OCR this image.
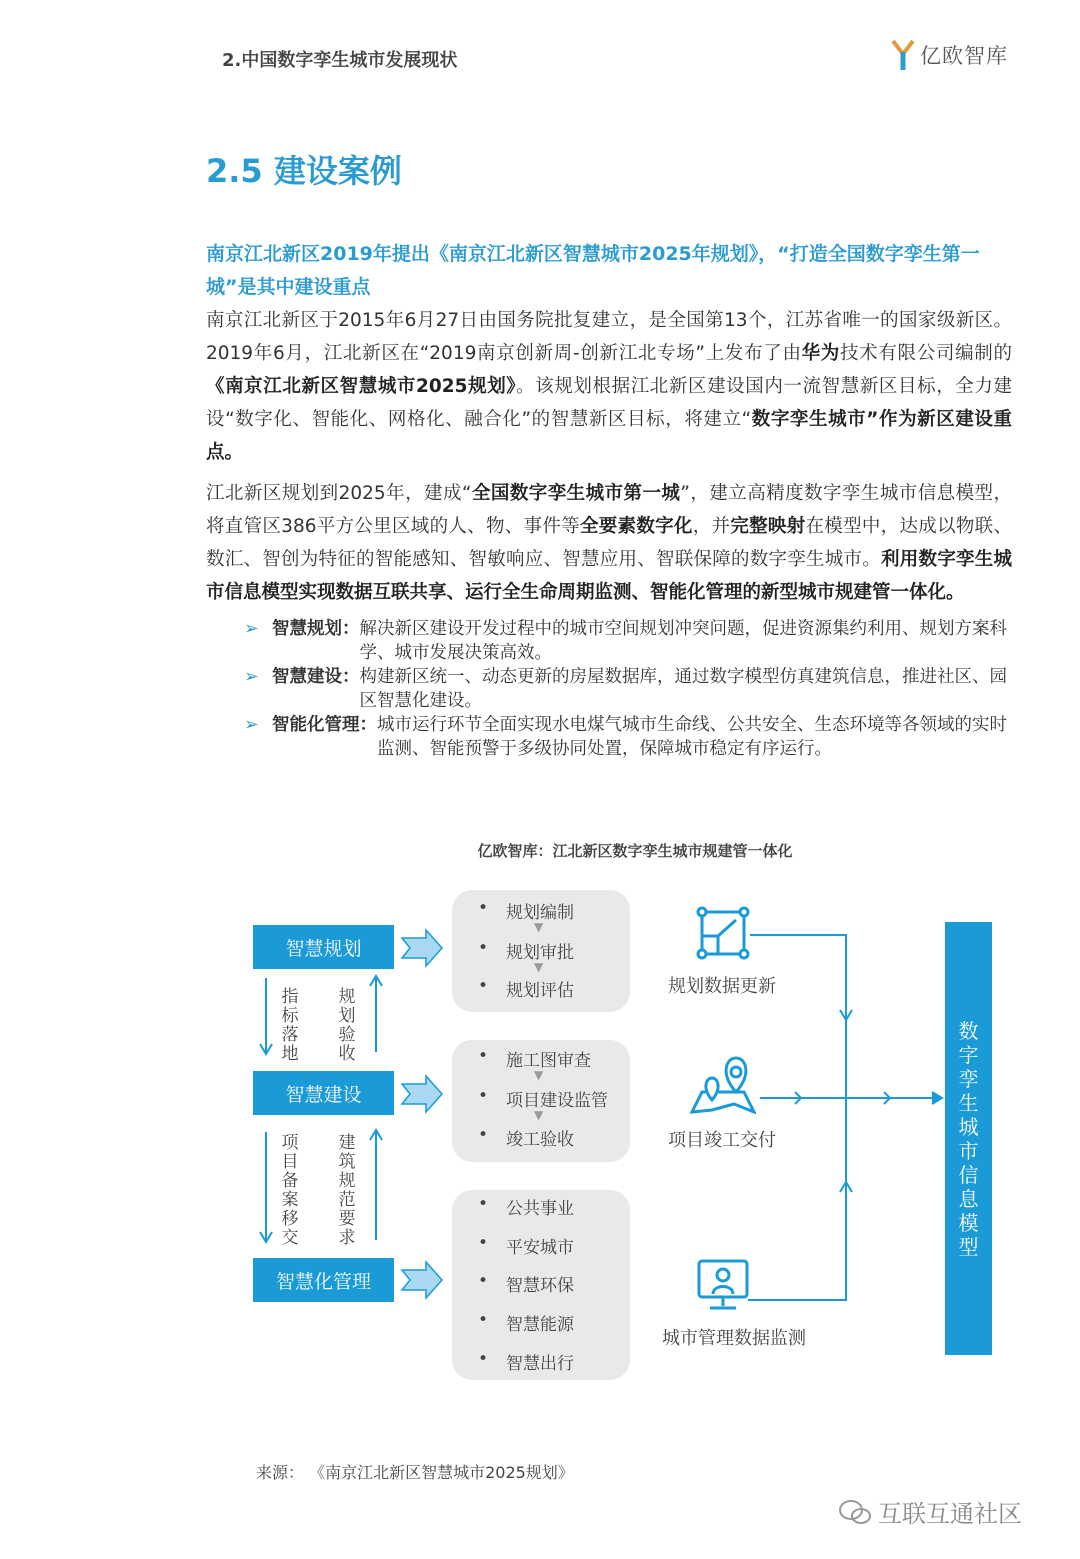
2.中国数字孪生城市发展现状	亿欧智库
2.5 建设案例
南京江北新区2019年提出《南京江北新区智慧城市2025年规划》，“打造全国数字孪生第一城”是其中建设重点
南京江北新区于2015年6月27日由国务院批复建立，是全国第13个，江苏省唯一的国家级新区。2019年6月，江北新区在“2019南京创新周-创新江北专场”上发布了由华为技术有限公司编制的《南京江北新区智慧城市2025规划》。该规划根据江北新区建设国内一流智慧新区目标，全力建设“数字化、智能化、网格化、融合化”的智慧新区目标，将建立“数字孪生城市”作为新区建设重点。
江北新区规划到2025年，建成“全国数字孪生城市第一城”，建立高精度数字孪生城市信息模型，将直管区386平方公里区域的人、物、事件等全要素数字化，并完整映射在模型中，达成以物联、数汇、智创为特征的智能感知、智敏响应、智慧应用、智联保障的数字孪生城市。利用数字孪生城市信息模型实现数据互联共享、运行全生命周期监测、智能化管理的新型城市规建管一体化。
➢ 智慧规划 ： 解决新区建设开发过程中的城市空间规划冲突问题，促进资源集约利用、规划方案科学、城市发展决策高效。
➢ 智慧建设 ： 构建新区统一、动态更新的房屋数据库，通过数字模型仿真建筑信息，推进社区、园区智慧化建设。
➢ 智能化管理 ： 城市运行环节全面实现水电煤气城市生命线、公共安全、生态环境等各领域的实时监测、智能预警于多级协同处置，保障城市稳定有序运行。
亿欧智库：江北新区数字孪生城市规建管一体化
智慧规划
智慧建设
智慧化管理
指标落地
规划验收
项目备案移交
建筑规范要求
• 规划编制
▼
• 规划审批
▼
• 规划评估
• 施工图审查
▼
• 项目建设监管
▼
• 竣工验收
• 公共事业
• 平安城市
• 智慧环保
• 智慧能源
• 智慧出行
规划数据更新
项目竣工交付
城市管理数据监测
数字孪生城市信息模型
来源： 《南京江北新区智慧城市2025规划》
互联互通社区
